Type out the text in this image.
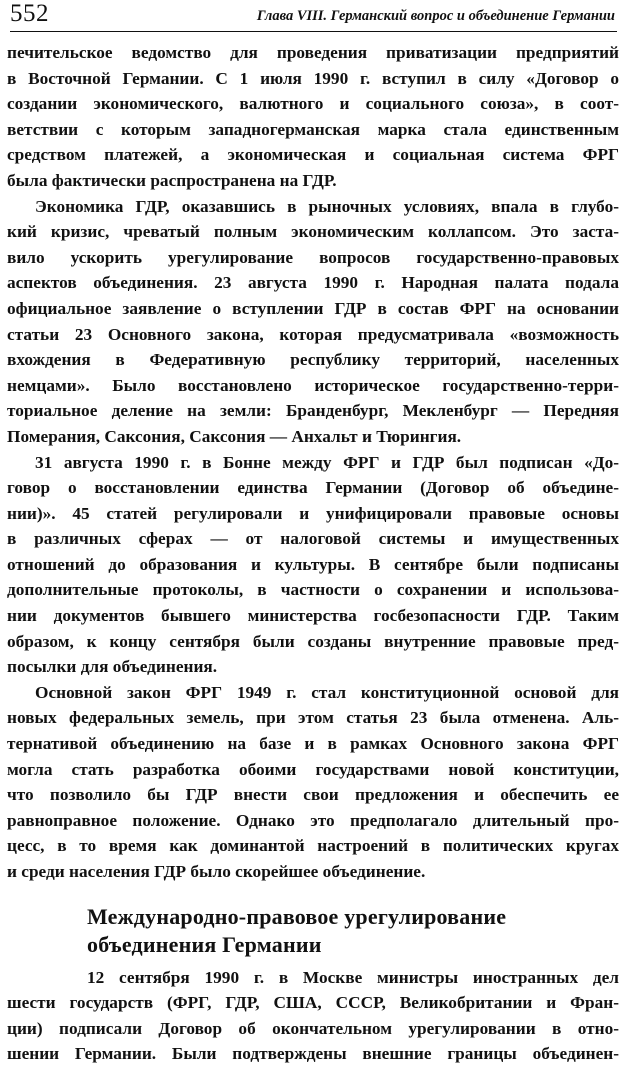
552	Глава VIII. Германский вопрос и объединение Германии

печительское ведомство для проведения приватизации предприятий
в Восточной Германии. С 1 июля 1990 г. вступил в силу «Договор о
создании экономического, валютного и социального союза», в соот-
ветствии с которым западногерманская марка стала единственным
средством платежей, а экономическая и социальная система ФРГ
была фактически распространена на ГДР.

Экономика ГДР, оказавшись в рыночных условиях, впала в глубо-
кий кризис, чреватый полным экономическим коллапсом. Это заста-
вило ускорить урегулирование вопросов государственно-правовых
аспектов объединения. 23 августа 1990 г. Народная палата подала
официальное заявление о вступлении ГДР в состав ФРГ на основании
статьи 23 Основного закона, которая предусматривала «возможность
вхождения в Федеративную республику территорий, населенных
немцами». Было восстановлено историческое государственно-терри-
ториальное деление на земли: Бранденбург, Мекленбург — Передняя
Померания, Саксония, Саксония — Анхальт и Тюрингия.

31 августа 1990 г. в Бонне между ФРГ и ГДР был подписан «До-
говор о восстановлении единства Германии (Договор об объедине-
нии)». 45 статей регулировали и унифицировали правовые основы
в различных сферах — от налоговой системы и имущественных
отношений до образования и культуры. В сентябре были подписаны
дополнительные протоколы, в частности о сохранении и использова-
нии документов бывшего министерства госбезопасности ГДР. Таким
образом, к концу сентября были созданы внутренние правовые пред-
посылки для объединения.

Основной закон ФРГ 1949 г. стал конституционной основой для
новых федеральных земель, при этом статья 23 была отменена. Аль-
тернативой объединению на базе и в рамках Основного закона ФРГ
могла стать разработка обоими государствами новой конституции,
что позволило бы ГДР внести свои предложения и обеспечить ее
равноправное положение. Однако это предполагало длительный про-
цесс, в то время как доминантой настроений в политических кругах
и среди населения ГДР было скорейшее объединение.

Международно-правовое урегулирование
объединения Германии

12 сентября 1990 г. в Москве министры иностранных дел
шести государств (ФРГ, ГДР, США, СССР, Великобритании и Фран-
ции) подписали Договор об окончательном урегулировании в отно-
шении Германии. Были подтверждены внешние границы объединен-
